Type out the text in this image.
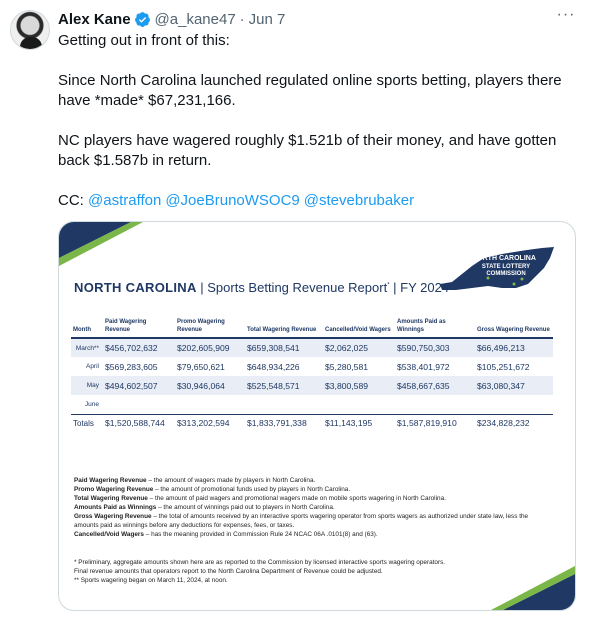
Alex Kane @a_kane47 · Jun 7	···

Getting out in front of this:

Since North Carolina launched regulated online sports betting, players there have *made* $67,231,166.

NC players have wagered roughly $1.521b of their money, and have gotten back $1.587b in return.

CC: @astraffon @JoeBrunoWSOC9 @stevebrubaker

NORTH CAROLINA
STATE LOTTERY
COMMISSION
NORTH CAROLINA | Sports Betting Revenue Report* | FY 2024
Month	Paid Wagering Revenue	Promo Wagering Revenue	Total Wagering Revenue	Cancelled/Void Wagers	Amounts Paid as Winnings	Gross Wagering Revenue
March**	$456,702,632	$202,605,909	$659,308,541	$2,062,025	$590,750,303	$66,496,213
April	$569,283,605	$79,650,621	$648,934,226	$5,280,581	$538,401,972	$105,251,672
May	$494,602,507	$30,946,064	$525,548,571	$3,800,589	$458,667,635	$63,080,347
June						
Totals	$1,520,588,744	$313,202,594	$1,833,791,338	$11,143,195	$1,587,819,910	$234,828,232
Paid Wagering Revenue – the amount of wagers made by players in North Carolina.
Promo Wagering Revenue – the amount of promotional funds used by players in North Carolina.
Total Wagering Revenue – the amount of paid wagers and promotional wagers made on mobile sports wagering in North Carolina.
Amounts Paid as Winnings – the amount of winnings paid out to players in North Carolina.
Gross Wagering Revenue – the total of amounts received by an interactive sports wagering operator from sports wagers as authorized under state law, less the amounts paid as winnings before any deductions for expenses, fees, or taxes.
Cancelled/Void Wagers – has the meaning provided in Commission Rule 24 NCAC 06A .0101(8) and (63).
* Preliminary, aggregate amounts shown here are as reported to the Commission by licensed interactive sports wagering operators.
Final revenue amounts that operators report to the North Carolina Department of Revenue could be adjusted.
** Sports wagering began on March 11, 2024, at noon.
